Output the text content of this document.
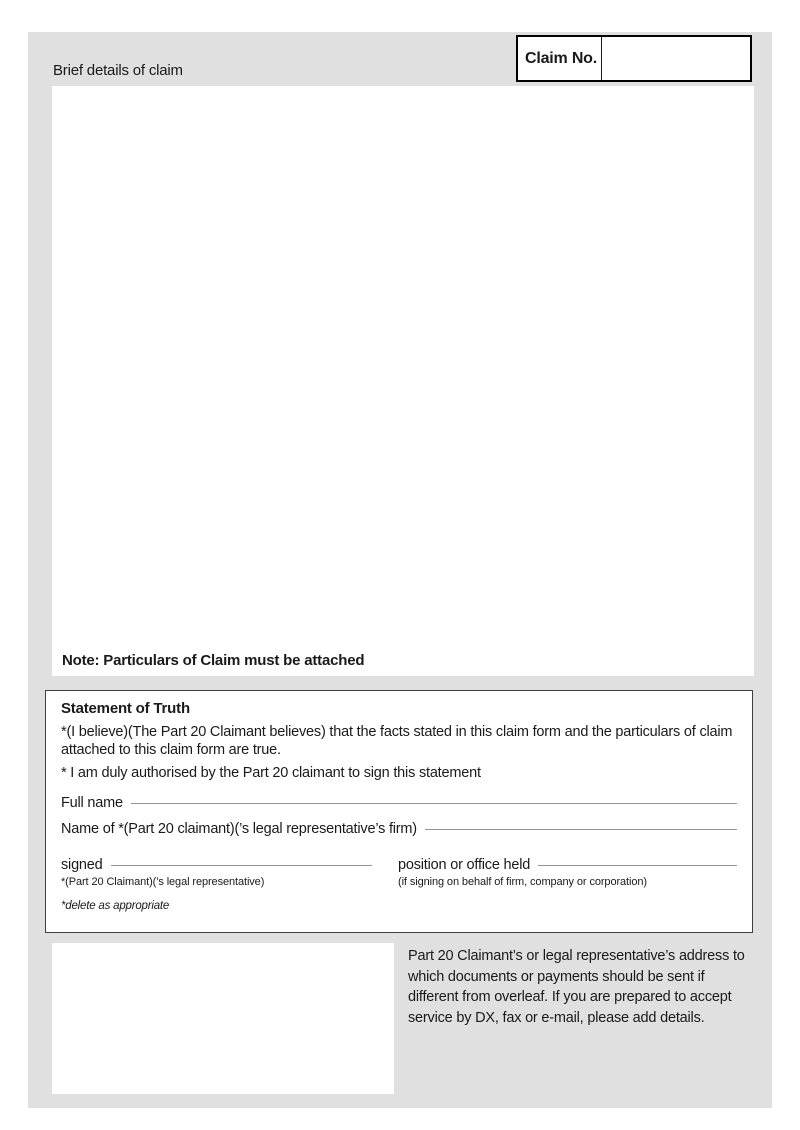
Brief details of claim
Claim No.
Note: Particulars of Claim must be attached
Statement of Truth
*(I believe)(The Part 20 Claimant believes) that the facts stated in this claim form and the particulars of claim attached to this claim form are true.
* I am duly authorised by the Part 20 claimant to sign this statement
Full name
Name of *(Part 20 claimant)(’s legal representative’s firm)
signed
*(Part 20 Claimant)(’s legal representative)
position or office held
(if signing on behalf of firm, company or corporation)
*delete as appropriate
Part 20 Claimant’s or legal representative’s address to which documents or payments should be sent if different from overleaf. If you are prepared to accept service by DX, fax or e-mail, please add details.
